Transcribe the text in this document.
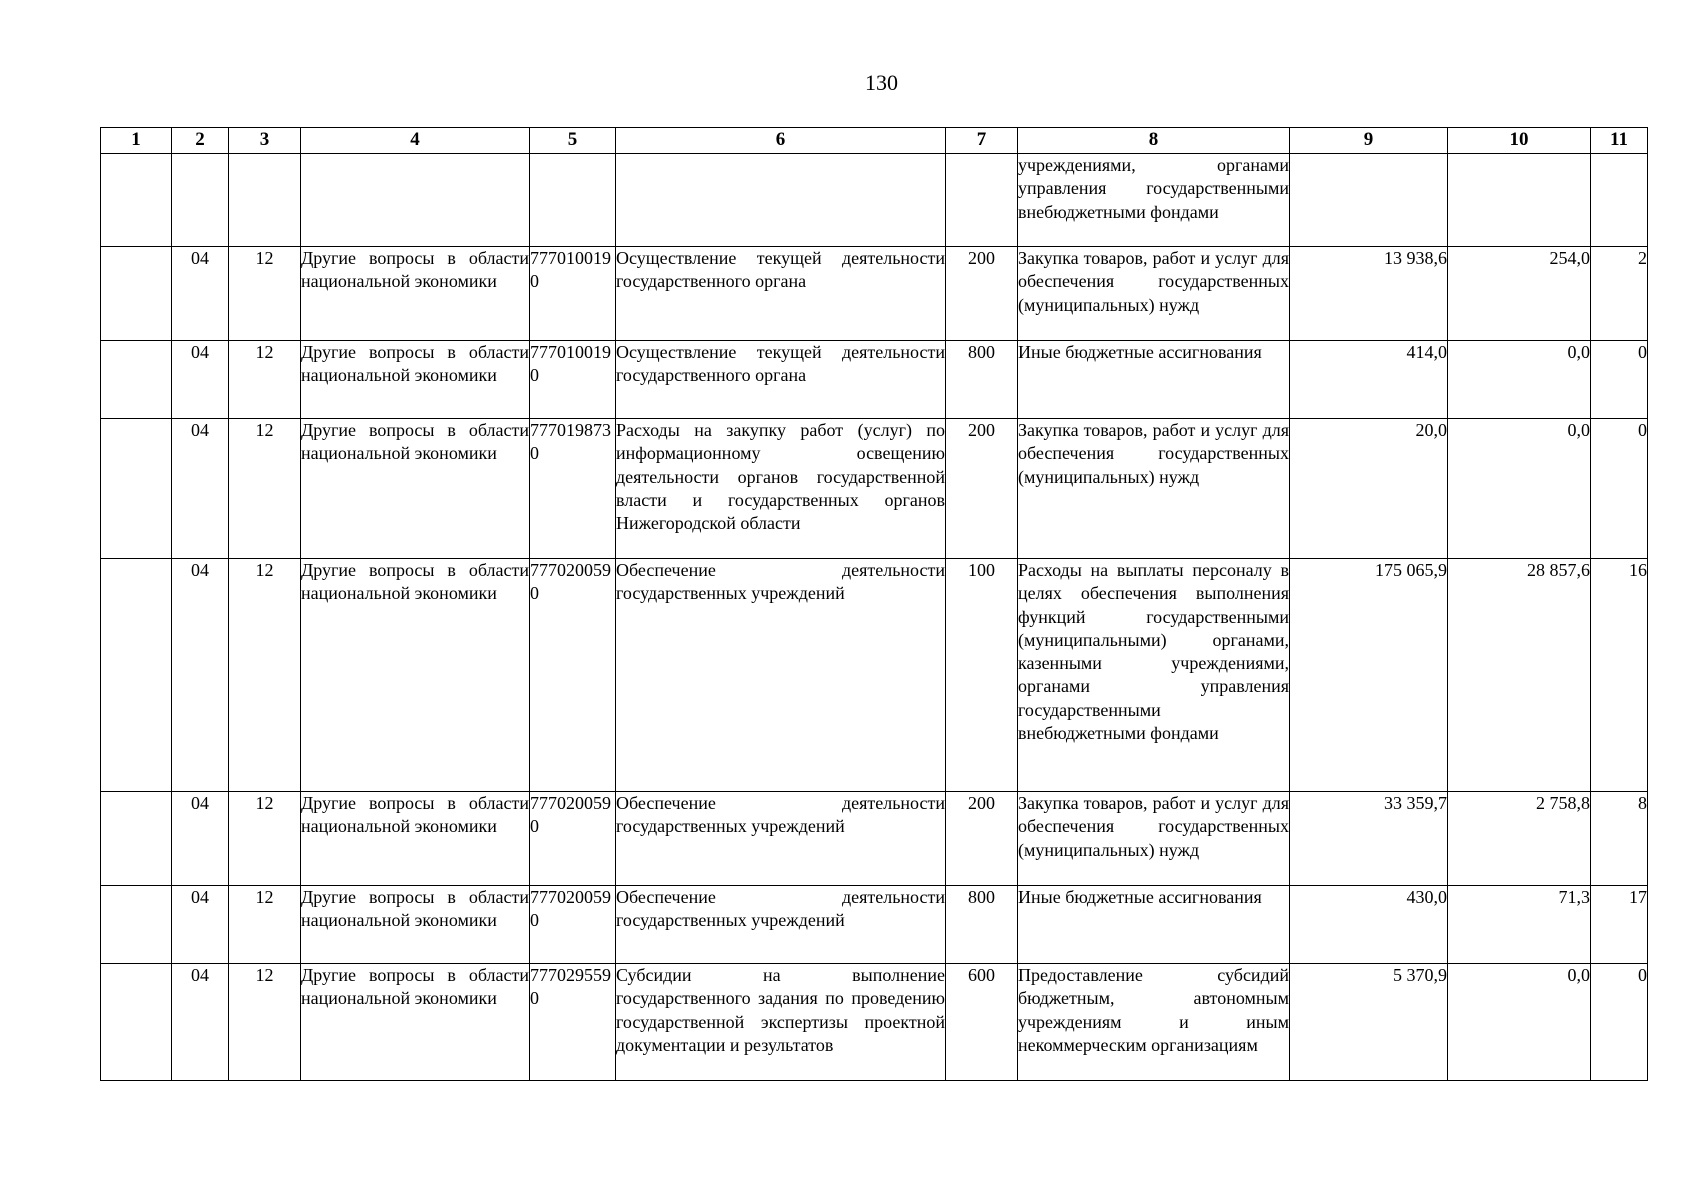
130
1	2	3	4	5	6	7	8	9	10	11
							учреждениями, органами управления государственными внебюджетными фондами			
	04	12	Другие вопросы в области национальной экономики	7770100190	Осуществление текущей деятельности государственного органа	200	Закупка товаров, работ и услуг для обеспечения государственных (муниципальных) нужд	13 938,6	254,0	2
	04	12	Другие вопросы в области национальной экономики	7770100190	Осуществление текущей деятельности государственного органа	800	Иные бюджетные ассигнования	414,0	0,0	0
	04	12	Другие вопросы в области национальной экономики	7770198730	Расходы на закупку работ (услуг) по информационному освещению деятельности органов государственной власти и государственных органов Нижегородской области	200	Закупка товаров, работ и услуг для обеспечения государственных (муниципальных) нужд	20,0	0,0	0
	04	12	Другие вопросы в области национальной экономики	7770200590	Обеспечение деятельности государственных учреждений	100	Расходы на выплаты персоналу в целях обеспечения выполнения функций государственными (муниципальными) органами, казенными учреждениями, органами управления государственными внебюджетными фондами	175 065,9	28 857,6	16
	04	12	Другие вопросы в области национальной экономики	7770200590	Обеспечение деятельности государственных учреждений	200	Закупка товаров, работ и услуг для обеспечения государственных (муниципальных) нужд	33 359,7	2 758,8	8
	04	12	Другие вопросы в области национальной экономики	7770200590	Обеспечение деятельности государственных учреждений	800	Иные бюджетные ассигнования	430,0	71,3	17
	04	12	Другие вопросы в области национальной экономики	7770295590	Субсидии на выполнение государственного задания по проведению государственной экспертизы проектной документации и результатов	600	Предоставление субсидий бюджетным, автономным учреждениям и иным некоммерческим организациям	5 370,9	0,0	0
